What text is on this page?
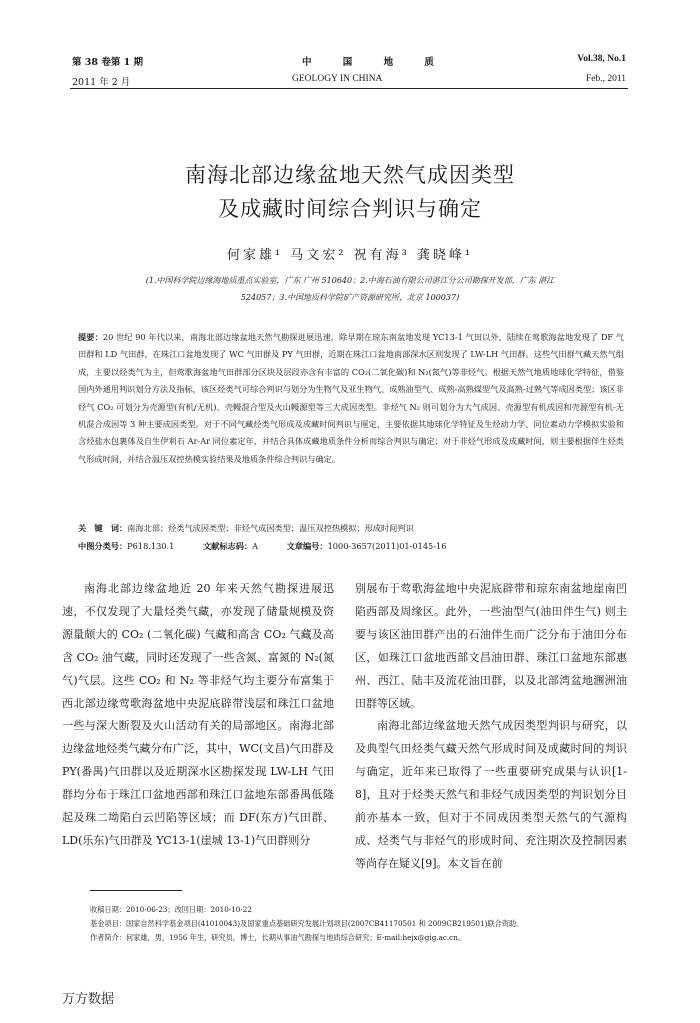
第 38 卷第 1 期	中 国 地 质	Vol.38, No.1
2011 年 2 月	GEOLOGY IN CHINA	Feb., 2011
南海北部边缘盆地天然气成因类型
及成藏时间综合判识与确定
何家雄¹ 马文宏² 祝有海³ 龚晓峰¹
(1.中国科学院边缘海地质重点实验室，广东 广州 510640；2.中海石油有限公司湛江分公司勘探开发部，广东 湛江
524057；3.中国地质科学院矿产资源研究所，北京 100037)
提要：20 世纪 90 年代以来，南海北部边缘盆地天然气勘探进展迅速，除早期在琼东南盆地发现 YC13-1 气田以外，陆续在莺歌海盆地发现了 DF 气田群和 LD 气田群，在珠江口盆地发现了 WC 气田群及 PY 气田群，近期在珠江口盆地南部深水区则发现了 LW-LH 气田群。这些气田群气藏天然气组成，主要以烃类气为主，但莺歌海盆地气田群部分区块及层段亦含有丰富的 CO₂(二氧化碳)和 N₂(氮气)等非烃气。根据天然气地质地球化学特征，借鉴国内外通用判识划分方法及指标，该区烃类气可综合判识与划分为生物气及亚生物气、成熟油型气、成熟-高熟煤型气及高熟-过熟气等成因类型；该区非烃气 CO₂ 可划分为壳源型(有机/无机)、壳幔混合型及火山幔源型等三大成因类型。非烃气 N₂ 则可划分为大气成因、壳源型有机成因和壳源型有机-无机混合成因等 3 种主要成因类型。对于不同气藏烃类气形成及成藏时间判识与厘定，主要依据其地球化学特征及生烃动力学、同位素动力学模拟实验和含烃盐水包裹体及自生伊利石 Ar-Ar 同位素定年，并结合具体成藏地质条件分析而综合判识与确定；对于非烃气形成及成藏时间，则主要根据伴生烃类气形成时间，并结合温压双控热模实验结果及地质条件综合判识与确定。
关　键　词：南海北部；烃类气成因类型；非烃气成因类型；温压双控热模拟；形成时间判识
中图分类号：P618.130.1	文献标志码：A	文章编号：1000-3657(2011)01-0145-16

南海北部边缘盆地近 20 年来天然气勘探进展迅速，不仅发现了大量烃类气藏，亦发现了储量规模及资源量颇大的 CO₂ (二氧化碳) 气藏和高含 CO₂ 气藏及高含 CO₂ 油气藏，同时还发现了一些含氮、富氮的 N₂(氮气)气层。这些 CO₂ 和 N₂ 等非烃气均主要分布富集于西北部边缘莺歌海盆地中央泥底辟带浅层和珠江口盆地一些与深大断裂及火山活动有关的局部地区。南海北部边缘盆地烃类气藏分布广泛，其中，WC(文昌)气田群及 PY(番禺)气田群以及近期深水区勘探发现 LW-LH 气田群均分布于珠江口盆地西部和珠江口盆地东部番禺低隆起及珠二坳陷白云凹陷等区域；而 DF(东方)气田群、LD(乐东)气田群及 YC13-1(崖城 13-1)气田群则分

别展布于莺歌海盆地中央泥底辟带和琼东南盆地崖南凹陷西部及周缘区。此外，一些油型气(油田伴生气) 则主要与该区油田群产出的石油伴生而广泛分布于油田分布区，如珠江口盆地西部文昌油田群、珠江口盆地东部惠州、西江、陆丰及流花油田群，以及北部湾盆地涠洲油田群等区域。

南海北部边缘盆地天然气成因类型判识与研究，以及典型气田烃类气藏天然气形成时间及成藏时间的判识与确定，近年来已取得了一些重要研究成果与认识[1-8]，且对于烃类天然气和非烃气成因类型的判识划分目前亦基本一致，但对于不同成因类型天然气的气源构成、烃类气与非烃气的形成时间、充注期次及控制因素等尚存在疑义[9]。本文旨在前

收稿日期：2010-06-23；改回日期：2010-10-22
基金项目：国家自然科学基金项目(41010043)及国家重点基础研究发展计划项目(2007CB41170501 和 2009CB219501)联合资助。
作者简介：何家雄，男，1956 年生，研究员，博士，长期从事油气勘探与地质综合研究；E-mail:hejx@gig.ac.cn。
万方数据
